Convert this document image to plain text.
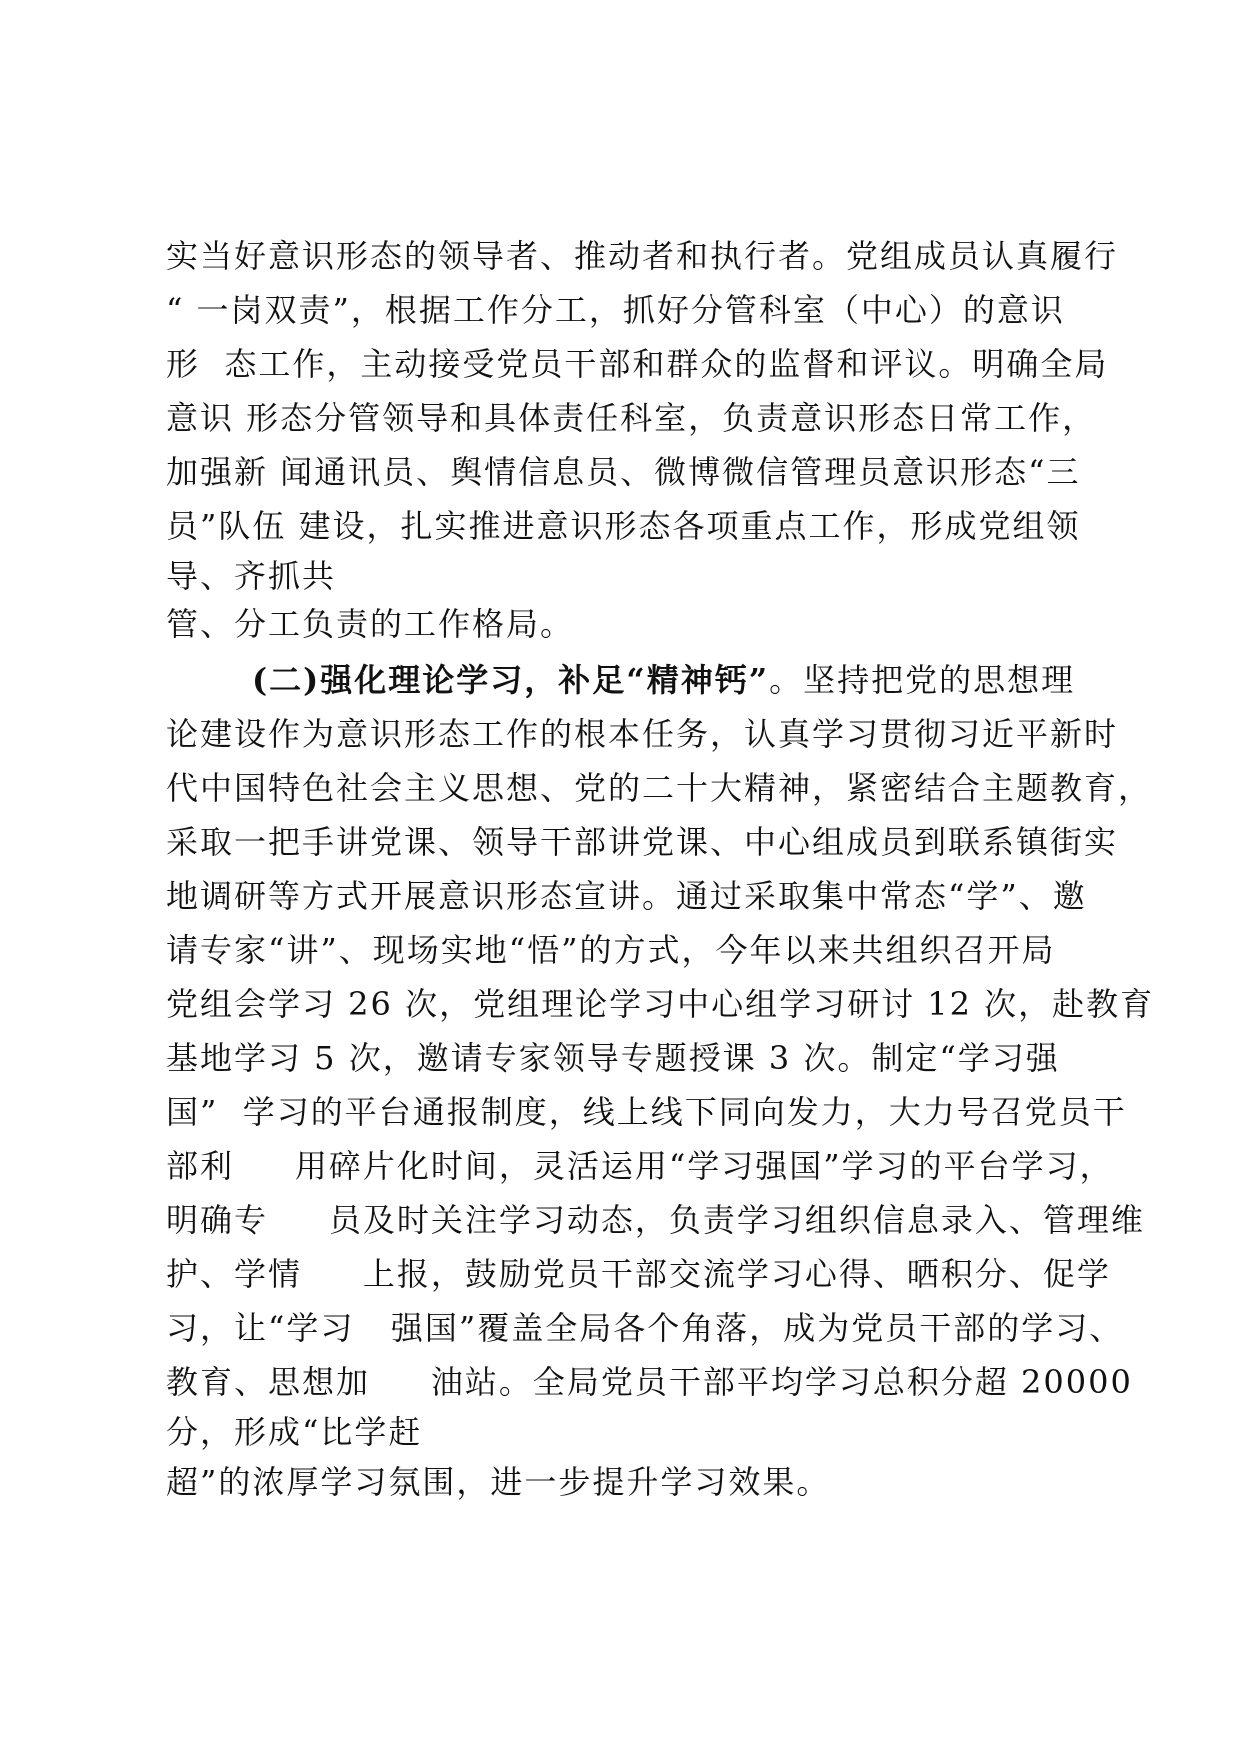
实当好意识形态的领导者、推动者和执行者。党组成员认真履行
“ 一岗双责”，根据工作分工，抓好分管科室（中心）的意识
形  态工作，主动接受党员干部和群众的监督和评议。明确全局
意识 形态分管领导和具体责任科室，负责意识形态日常工作，
加强新 闻通讯员、舆情信息员、微博微信管理员意识形态“三
员”队伍 建设，扎实推进意识形态各项重点工作，形成党组领
导、齐抓共
管、分工负责的工作格局。
(二)强化理论学习，补足“精神钙”。坚持把党的思想理
论建设作为意识形态工作的根本任务，认真学习贯彻习近平新时
代中国特色社会主义思想、党的二十大精神，紧密结合主题教育，
采取一把手讲党课、领导干部讲党课、中心组成员到联系镇街实
地调研等方式开展意识形态宣讲。通过采取集中常态“学”、邀
请专家“讲”、现场实地“悟”的方式，今年以来共组织召开局
党组会学习 26 次，党组理论学习中心组学习研讨 12 次，赴教育
基地学习 5 次，邀请专家领导专题授课 3 次。制定“学习强
国”  学习的平台通报制度，线上线下同向发力，大力号召党员干
部利     用碎片化时间，灵活运用“学习强国”学习的平台学习，
明确专     员及时关注学习动态，负责学习组织信息录入、管理维
护、学情     上报，鼓励党员干部交流学习心得、晒积分、促学
习，让“学习   强国”覆盖全局各个角落，成为党员干部的学习、
教育、思想加     油站。全局党员干部平均学习总积分超 20000
分，形成“比学赶
超”的浓厚学习氛围，进一步提升学习效果。
